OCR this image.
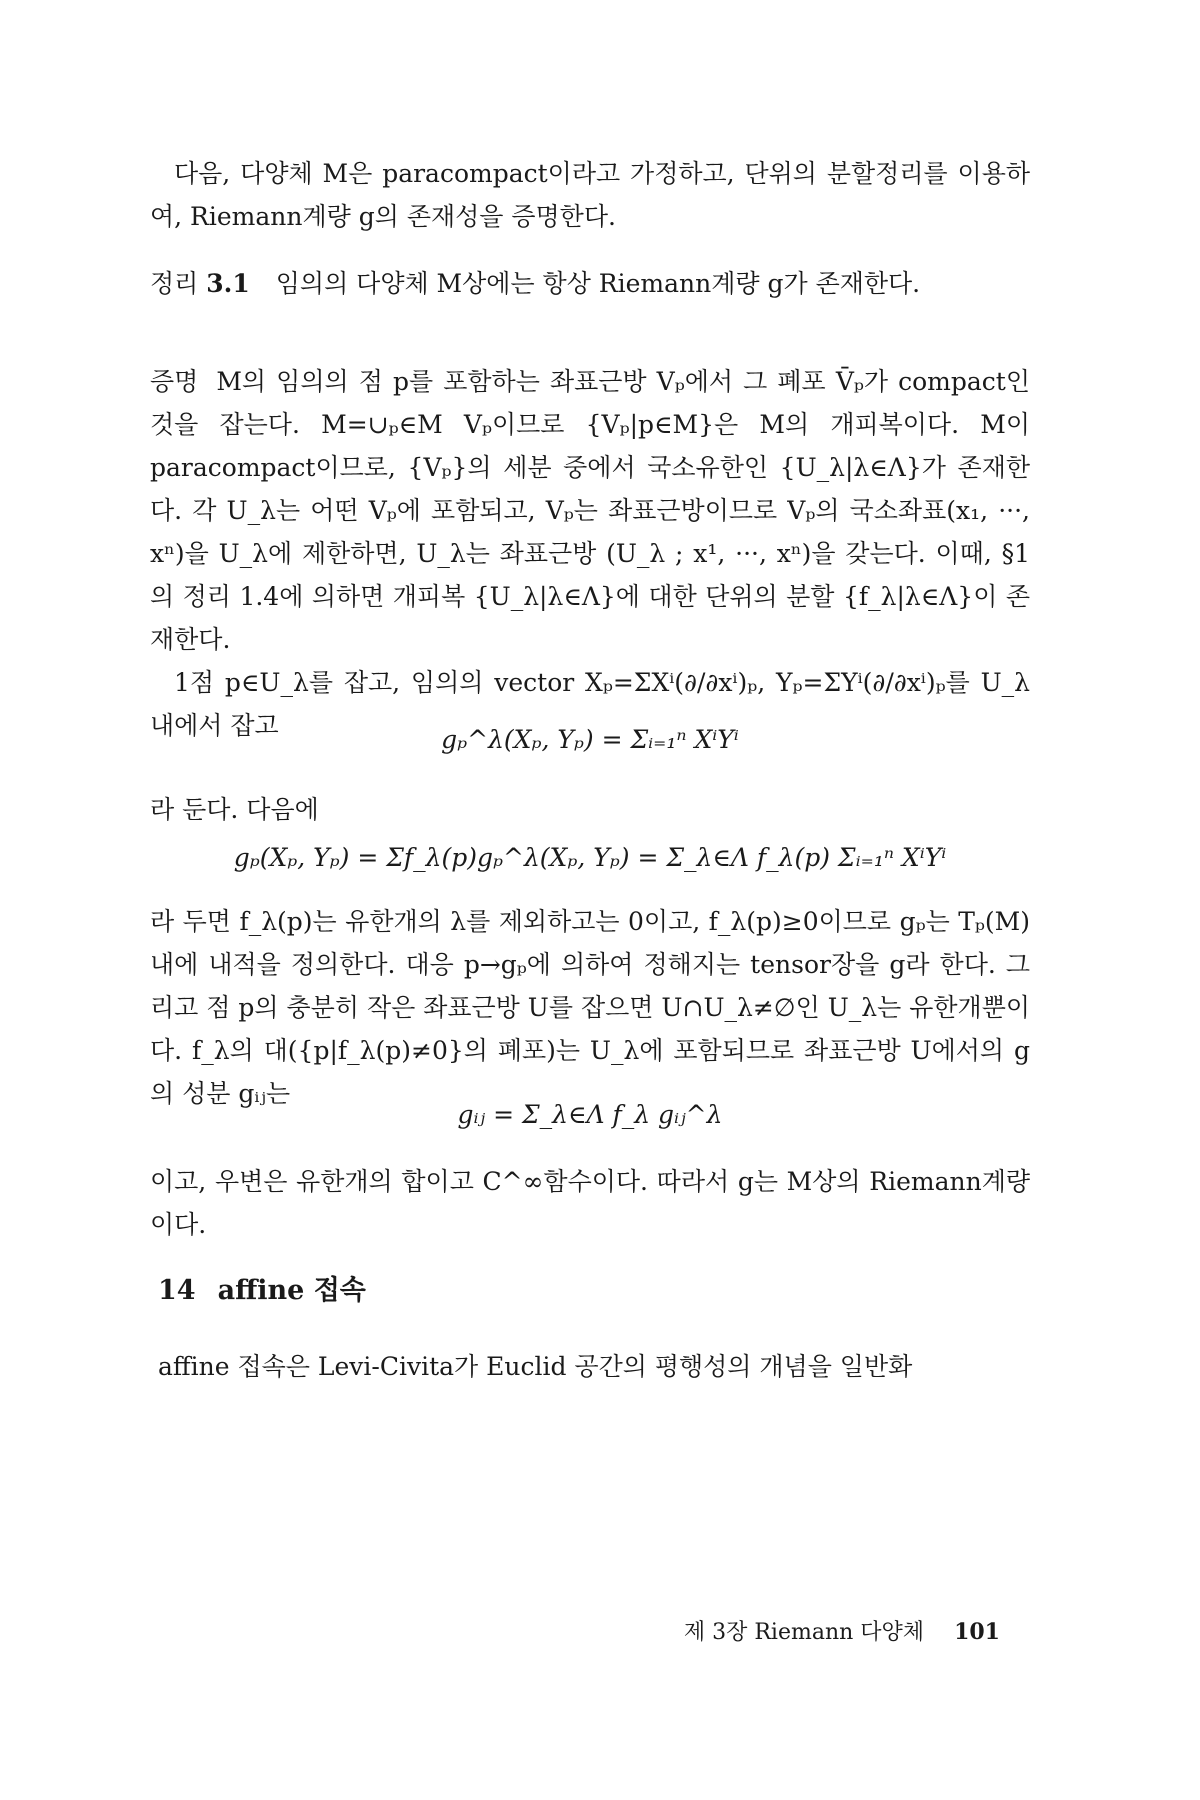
다음, 다양체 M은 paracompact이라고 가정하고, 단위의 분할정리를 이용하여, Riemann계량 g의 존재성을 증명한다.

정리 3.1 임의의 다양체 M상에는 항상 Riemann계량 g가 존재한다.

증명 M의 임의의 점 p를 포함하는 좌표근방 Vₚ에서 그 폐포 V̄ₚ가 compact인 것을 잡는다. M=∪ₚ∈M Vₚ이므로 {Vₚ|p∈M}은 M의 개피복이다. M이 paracompact이므로, {Vₚ}의 세분 중에서 국소유한인 {U_λ|λ∈Λ}가 존재한다. 각 U_λ는 어떤 Vₚ에 포함되고, Vₚ는 좌표근방이므로 Vₚ의 국소좌표(x₁, ···, xⁿ)을 U_λ에 제한하면, U_λ는 좌표근방 (U_λ ; x¹, ···, xⁿ)을 갖는다. 이때, §1의 정리 1.4에 의하면 개피복 {U_λ|λ∈Λ}에 대한 단위의 분할 {f_λ|λ∈Λ}이 존재한다.

1점 p∈U_λ를 잡고, 임의의 vector Xₚ=ΣXⁱ(∂/∂xⁱ)ₚ, Yₚ=ΣYⁱ(∂/∂xⁱ)ₚ를 U_λ내에서 잡고	gₚ^λ(Xₚ, Yₚ) = Σᵢ₌₁ⁿ XⁱYⁱ

라 둔다. 다음에

gₚ(Xₚ, Yₚ) = Σf_λ(p)gₚ^λ(Xₚ, Yₚ) = Σ_λ∈Λ f_λ(p) Σᵢ₌₁ⁿ XⁱYⁱ

라 두면 f_λ(p)는 유한개의 λ를 제외하고는 0이고, f_λ(p)≥0이므로 gₚ는 Tₚ(M)내에 내적을 정의한다. 대응 p→gₚ에 의하여 정해지는 tensor장을 g라 한다. 그리고 점 p의 충분히 작은 좌표근방 U를 잡으면 U∩U_λ≠∅인 U_λ는 유한개뿐이다. f_λ의 대({p|f_λ(p)≠0}의 폐포)는 U_λ에 포함되므로 좌표근방 U에서의 g의 성분 gᵢⱼ는

gᵢⱼ = Σ_λ∈Λ f_λ gᵢⱼ^λ

이고, 우변은 유한개의 합이고 C^∞함수이다. 따라서 g는 M상의 Riemann계량이다.

14 affine 접속

affine 접속은 Levi-Civita가 Euclid 공간의 평행성의 개념을 일반화

제 3장 Riemann 다양체 101
